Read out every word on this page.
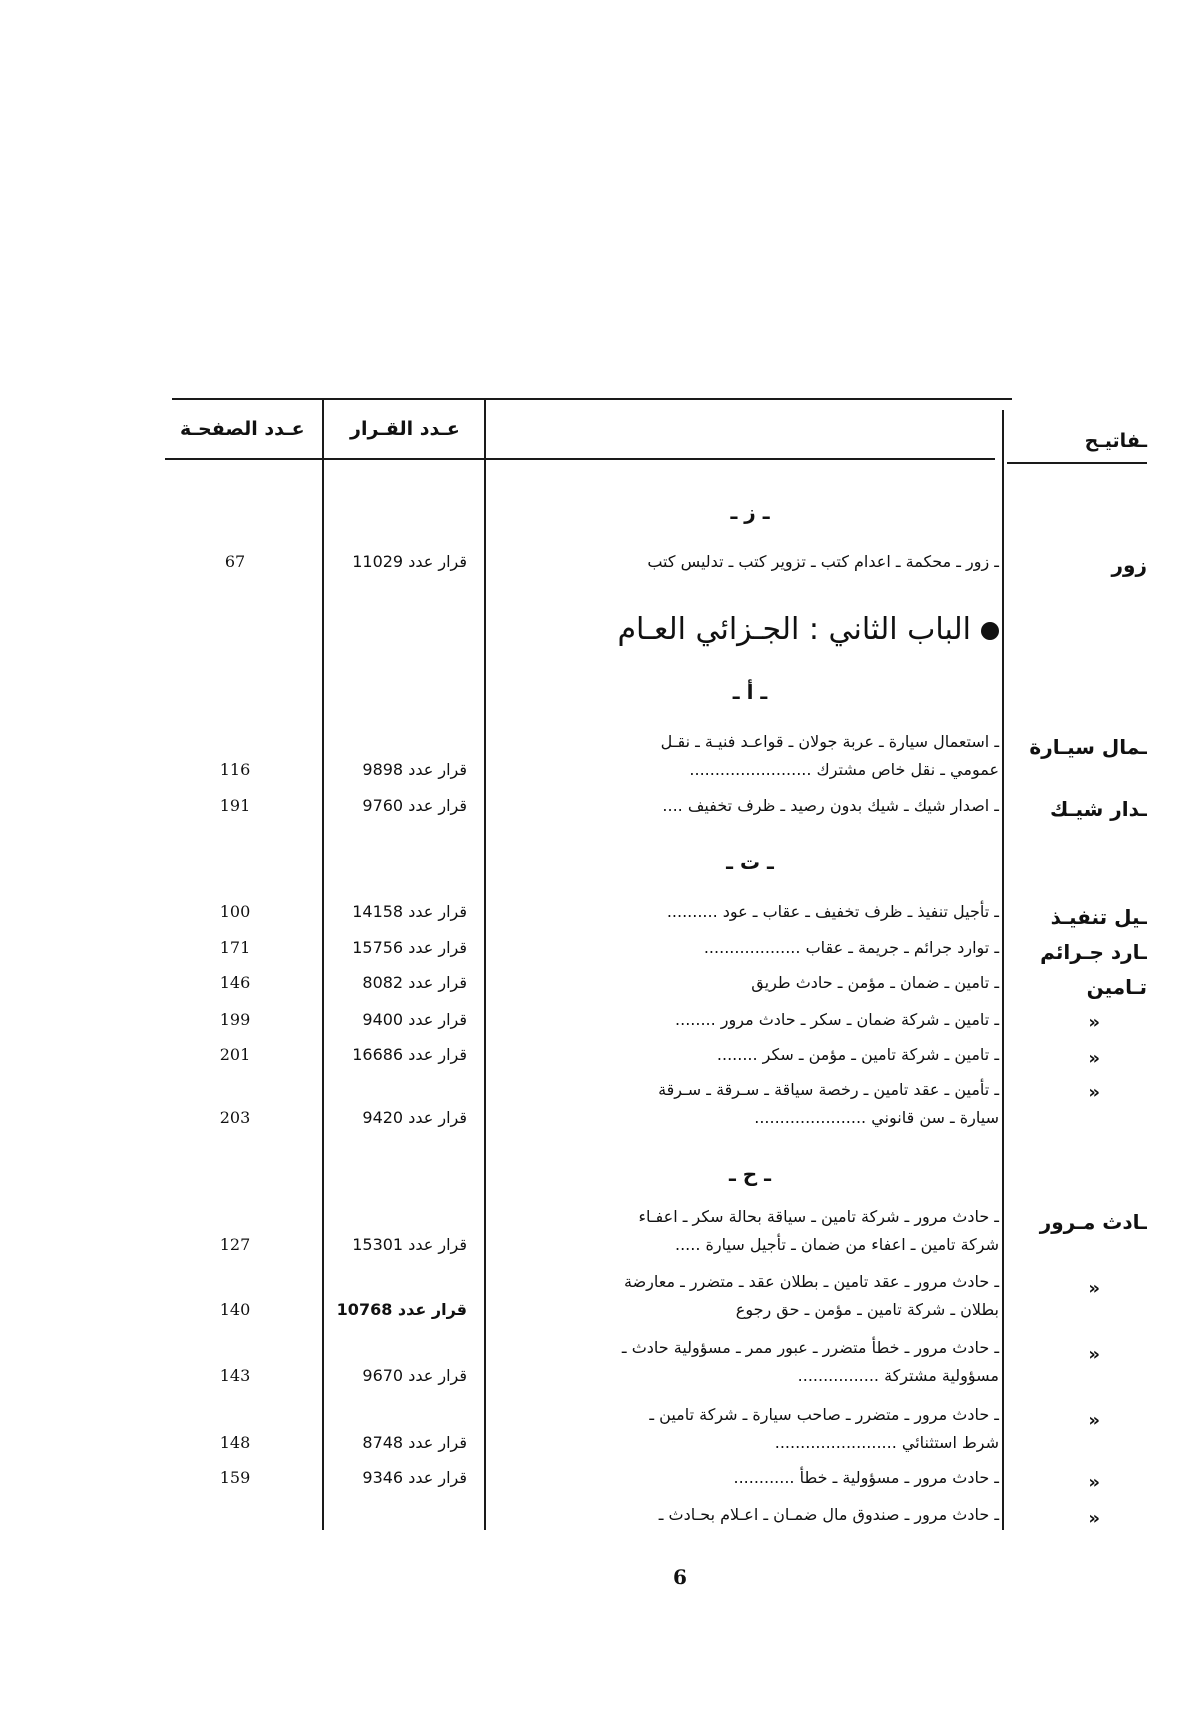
عـدد الصفحـة عـدد القـرار
ـفاتيـح
ـ ز ـ
الباب الثاني : الجـزائي العـام
ـ أ ـ
ـ ت ـ
ـ ح ـ
زور
ـ زور ـ محكمة ـ اعدام كتب ـ تزوير كتب ـ تدليس كتب
قرار عدد 11029
67
ـمال سيـارة
ـ استعمال سيارة ـ عربة جولان ـ قواعـد فنيـة ـ نقـل
عمومي ـ نقل خاص مشترك ........................
قرار عدد 9898
116
ـدار شيـك
ـ اصدار شيك ـ شيك بدون رصيد ـ ظرف تخفيف ....
قرار عدد 9760
191
ـيل تنفيـذ
ـ تأجيل تنفيذ ـ ظرف تخفيف ـ عقاب ـ عود ..........
قرار عدد 14158
100
ـارد جـرائم
ـ توارد جرائم ـ جريمة ـ عقاب ...................
قرار عدد 15756
171
تـامين
ـ تامين ـ ضمان ـ مؤمن ـ حادث طريق
قرار عدد 8082
146
»
ـ تامين ـ شركة ضمان ـ سكر ـ حادث مرور ........
قرار عدد 9400
199
»
ـ تامين ـ شركة تامين ـ مؤمن ـ سكر ........
قرار عدد 16686
201
»
ـ تأمين ـ عقد تامين ـ رخصة سياقة ـ سـرقة ـ سـرقة
سيارة ـ سن قانوني ......................
قرار عدد 9420
203
ـادث مـرور
ـ حادث مرور ـ شركة تامين ـ سياقة بحالة سكر ـ اعفـاء
شركة تامين ـ اعفاء من ضمان ـ تأجيل سيارة .....
قرار عدد 15301
127
»
ـ حادث مرور ـ عقد تامين ـ بطلان عقد ـ متضرر ـ معارضة
بطلان ـ شركة تامين ـ مؤمن ـ حق رجوع
قرار عدد 10768
140
»
ـ حادث مرور ـ خطأ متضرر ـ عبور ممر ـ مسؤولية حادث ـ
مسؤولية مشتركة ................
قرار عدد 9670
143
»
ـ حادث مرور ـ متضرر ـ صاحب سيارة ـ شركة تامين ـ
شرط استثنائي ........................
قرار عدد 8748
148
»
ـ حادث مرور ـ مسؤولية ـ خطأ ............
قرار عدد 9346
159
»
ـ حادث مرور ـ صندوق مال ضمـان ـ اعـلام بحـادث ـ
6
